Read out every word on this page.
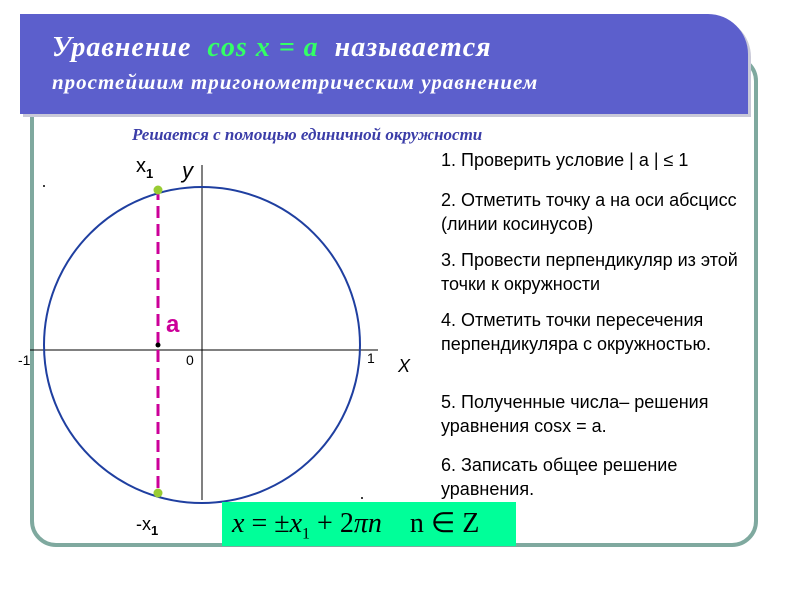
Уравнение cos x = a называется
простейшим тригонометрическим уравнением
у
Х
-1	0	1
а
$х_1$
$-х_1$
Решается с помощью единичной окружности
1. Проверить условие | а | ≤ 1
2. Отметить точку а на оси абсцисс (линии косинусов)
3. Провести перпендикуляр из этой точки к окружности
4. Отметить точки пересечения перпендикуляра с окружностью.
5. Полученные числа– решения уравнения cosx = a.
6. Записать общее решение уравнения.
$x = \pm x_1 + 2\pi n$ n ∈ Z
